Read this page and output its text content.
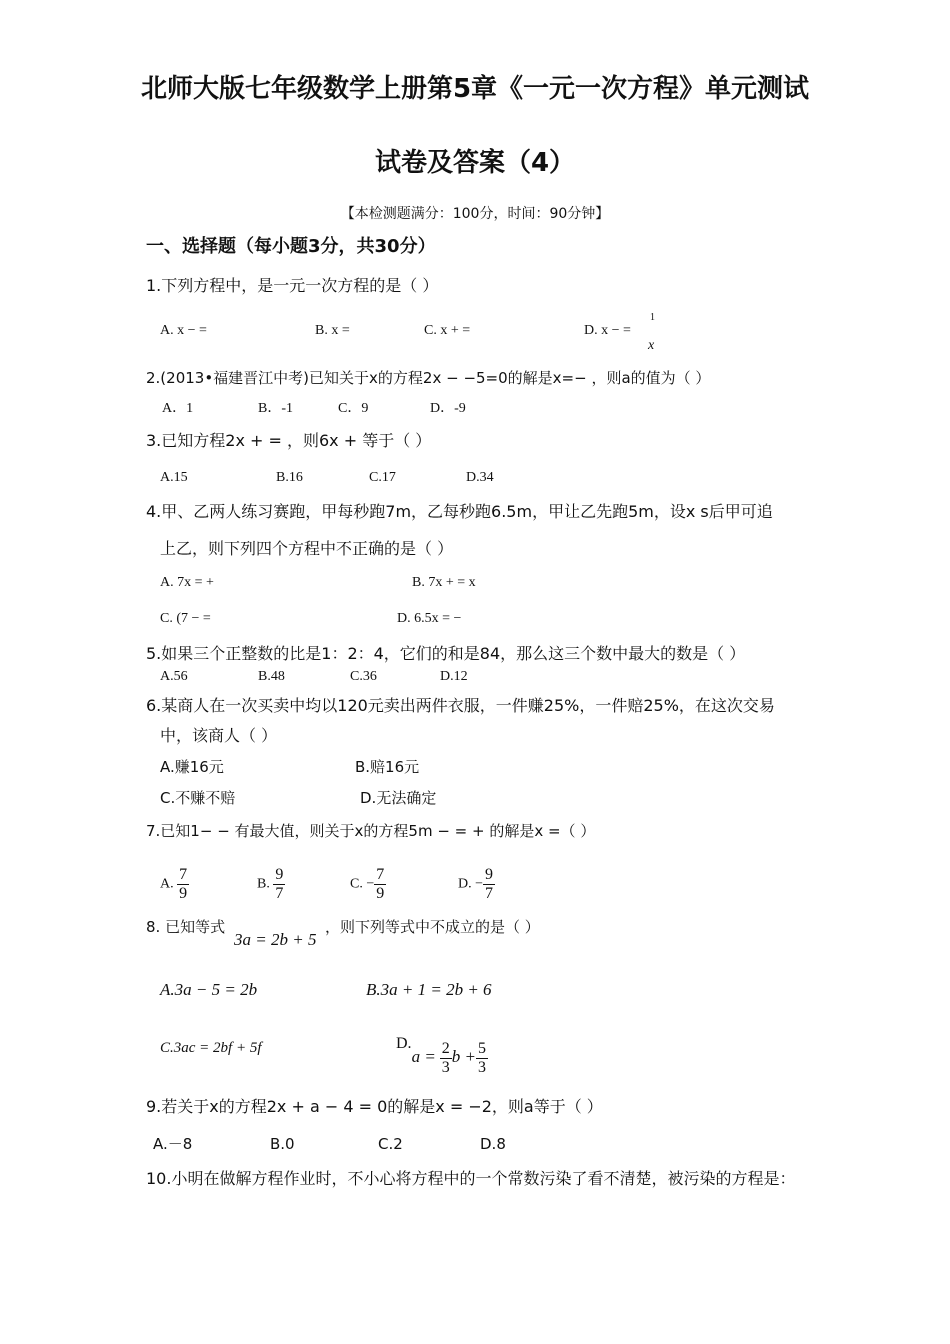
北师大版七年级数学上册第5章《一元一次方程》单元测试
试卷及答案（4）
【本检测题满分：100分，时间：90分钟】
一、选择题（每小题3分，共30分）
1.下列方程中，是一元一次方程的是（ ）
A. x − =	B. x =	C. x + =	D. x − =
1
x
2.(2013•福建晋江中考)已知关于x的方程2x − −5=0的解是x=− ，则a的值为（ ）
A．1	B．-1	C．9	D．-9
3.已知方程2x + = ，则6x + 等于（ ）
A.15	B.16	C.17	D.34
4.甲、乙两人练习赛跑，甲每秒跑7m，乙每秒跑6.5m，甲让乙先跑5m，设x s后甲可追
上乙，则下列四个方程中不正确的是（ ）
A. 7x = +	B. 7x + = x
C. (7 − =	D. 6.5x = −
5.如果三个正整数的比是1：2：4，它们的和是84，那么这三个数中最大的数是（ ）
A.56	B.48	C.36	D.12
6.某商人在一次买卖中均以120元卖出两件衣服，一件赚25%，一件赔25%，在这次交易
中，该商人（ ）
A.赚16元	B.赔16元
C.不赚不赔	D.无法确定
7.已知1− − 有最大值，则关于x的方程5m − = + 的解是x =（ ）
A. $\frac{7}{9}$	B. $\frac{9}{7}$	C. − $\frac{7}{9}$	D. − $\frac{9}{7}$
8. 已知等式
3a = 2b + 5
，则下列等式中不成立的是（ ）
A.3a − 5 = 2b	B.3a + 1 = 2b + 6
C.3ac = 2bf + 5f	$D.a = \frac{2}{3}$ $b + \frac{5}{3}$
9.若关于x的方程2x + a − 4 = 0的解是x = −2，则a等于（ ）
A.－8	B.0	C.2	D.8
10.小明在做解方程作业时，不小心将方程中的一个常数污染了看不清楚，被污染的方程是：
